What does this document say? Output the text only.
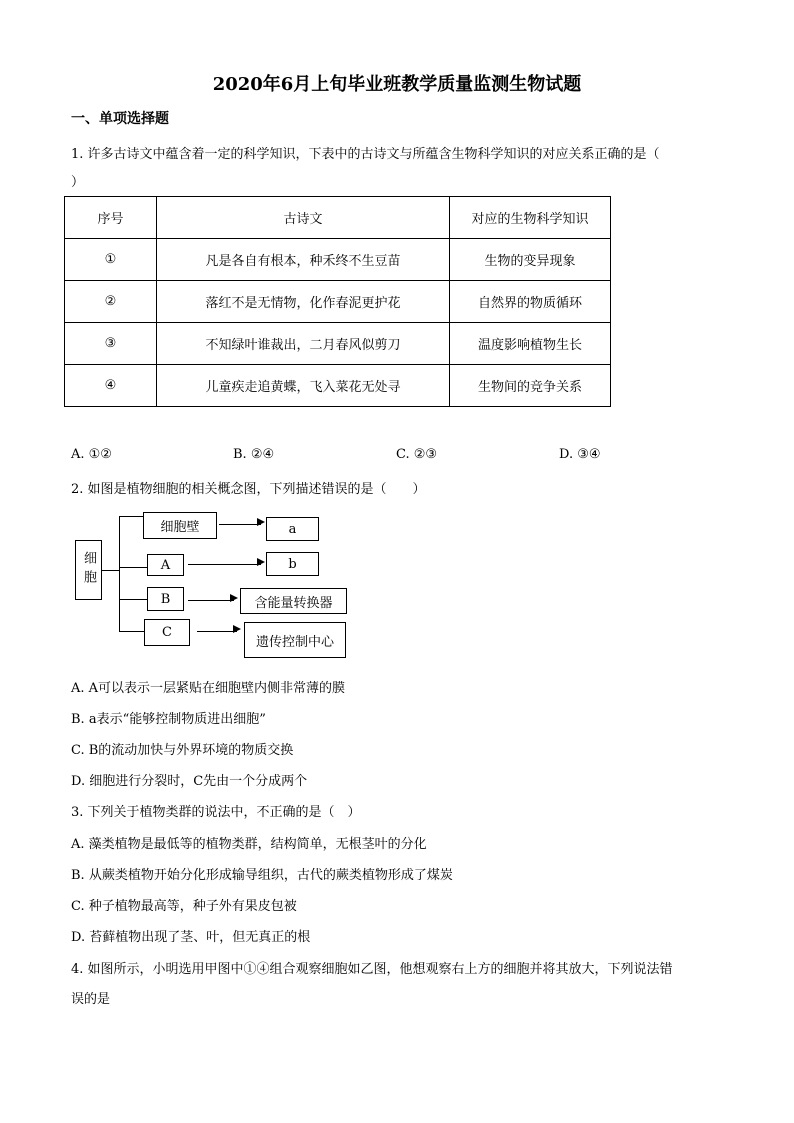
2020年6月上旬毕业班教学质量监测生物试题
一、单项选择题
1. 许多古诗文中蕴含着一定的科学知识，下表中的古诗文与所蕴含生物科学知识的对应关系正确的是（
）
序号	古诗文	对应的生物科学知识
①	凡是各自有根本，种禾终不生豆苗	生物的变异现象
②	落红不是无情物，化作春泥更护花	自然界的物质循环
③	不知绿叶谁裁出，二月春风似剪刀	温度影响植物生长
④	儿童疾走追黄蝶，飞入菜花无处寻	生物间的竞争关系
A. ①②	B. ②④	C. ②③	D. ③④
2. 如图是植物细胞的相关概念图，下列描述错误的是（　　）
细胞
细胞壁	a
A	b
B	含能量转换器
C
遗传控制中心
A. A可以表示一层紧贴在细胞壁内侧非常薄的膜
B. a表示“能够控制物质进出细胞”
C. B的流动加快与外界环境的物质交换
D. 细胞进行分裂时，C先由一个分成两个
3. 下列关于植物类群的说法中，不正确的是（　）
A. 藻类植物是最低等的植物类群，结构简单，无根茎叶的分化
B. 从蕨类植物开始分化形成输导组织，古代的蕨类植物形成了煤炭
C. 种子植物最高等，种子外有果皮包被
D. 苔藓植物出现了茎、叶，但无真正的根
4. 如图所示，小明选用甲图中①④组合观察细胞如乙图，他想观察右上方的细胞并将其放大，下列说法错
误的是
